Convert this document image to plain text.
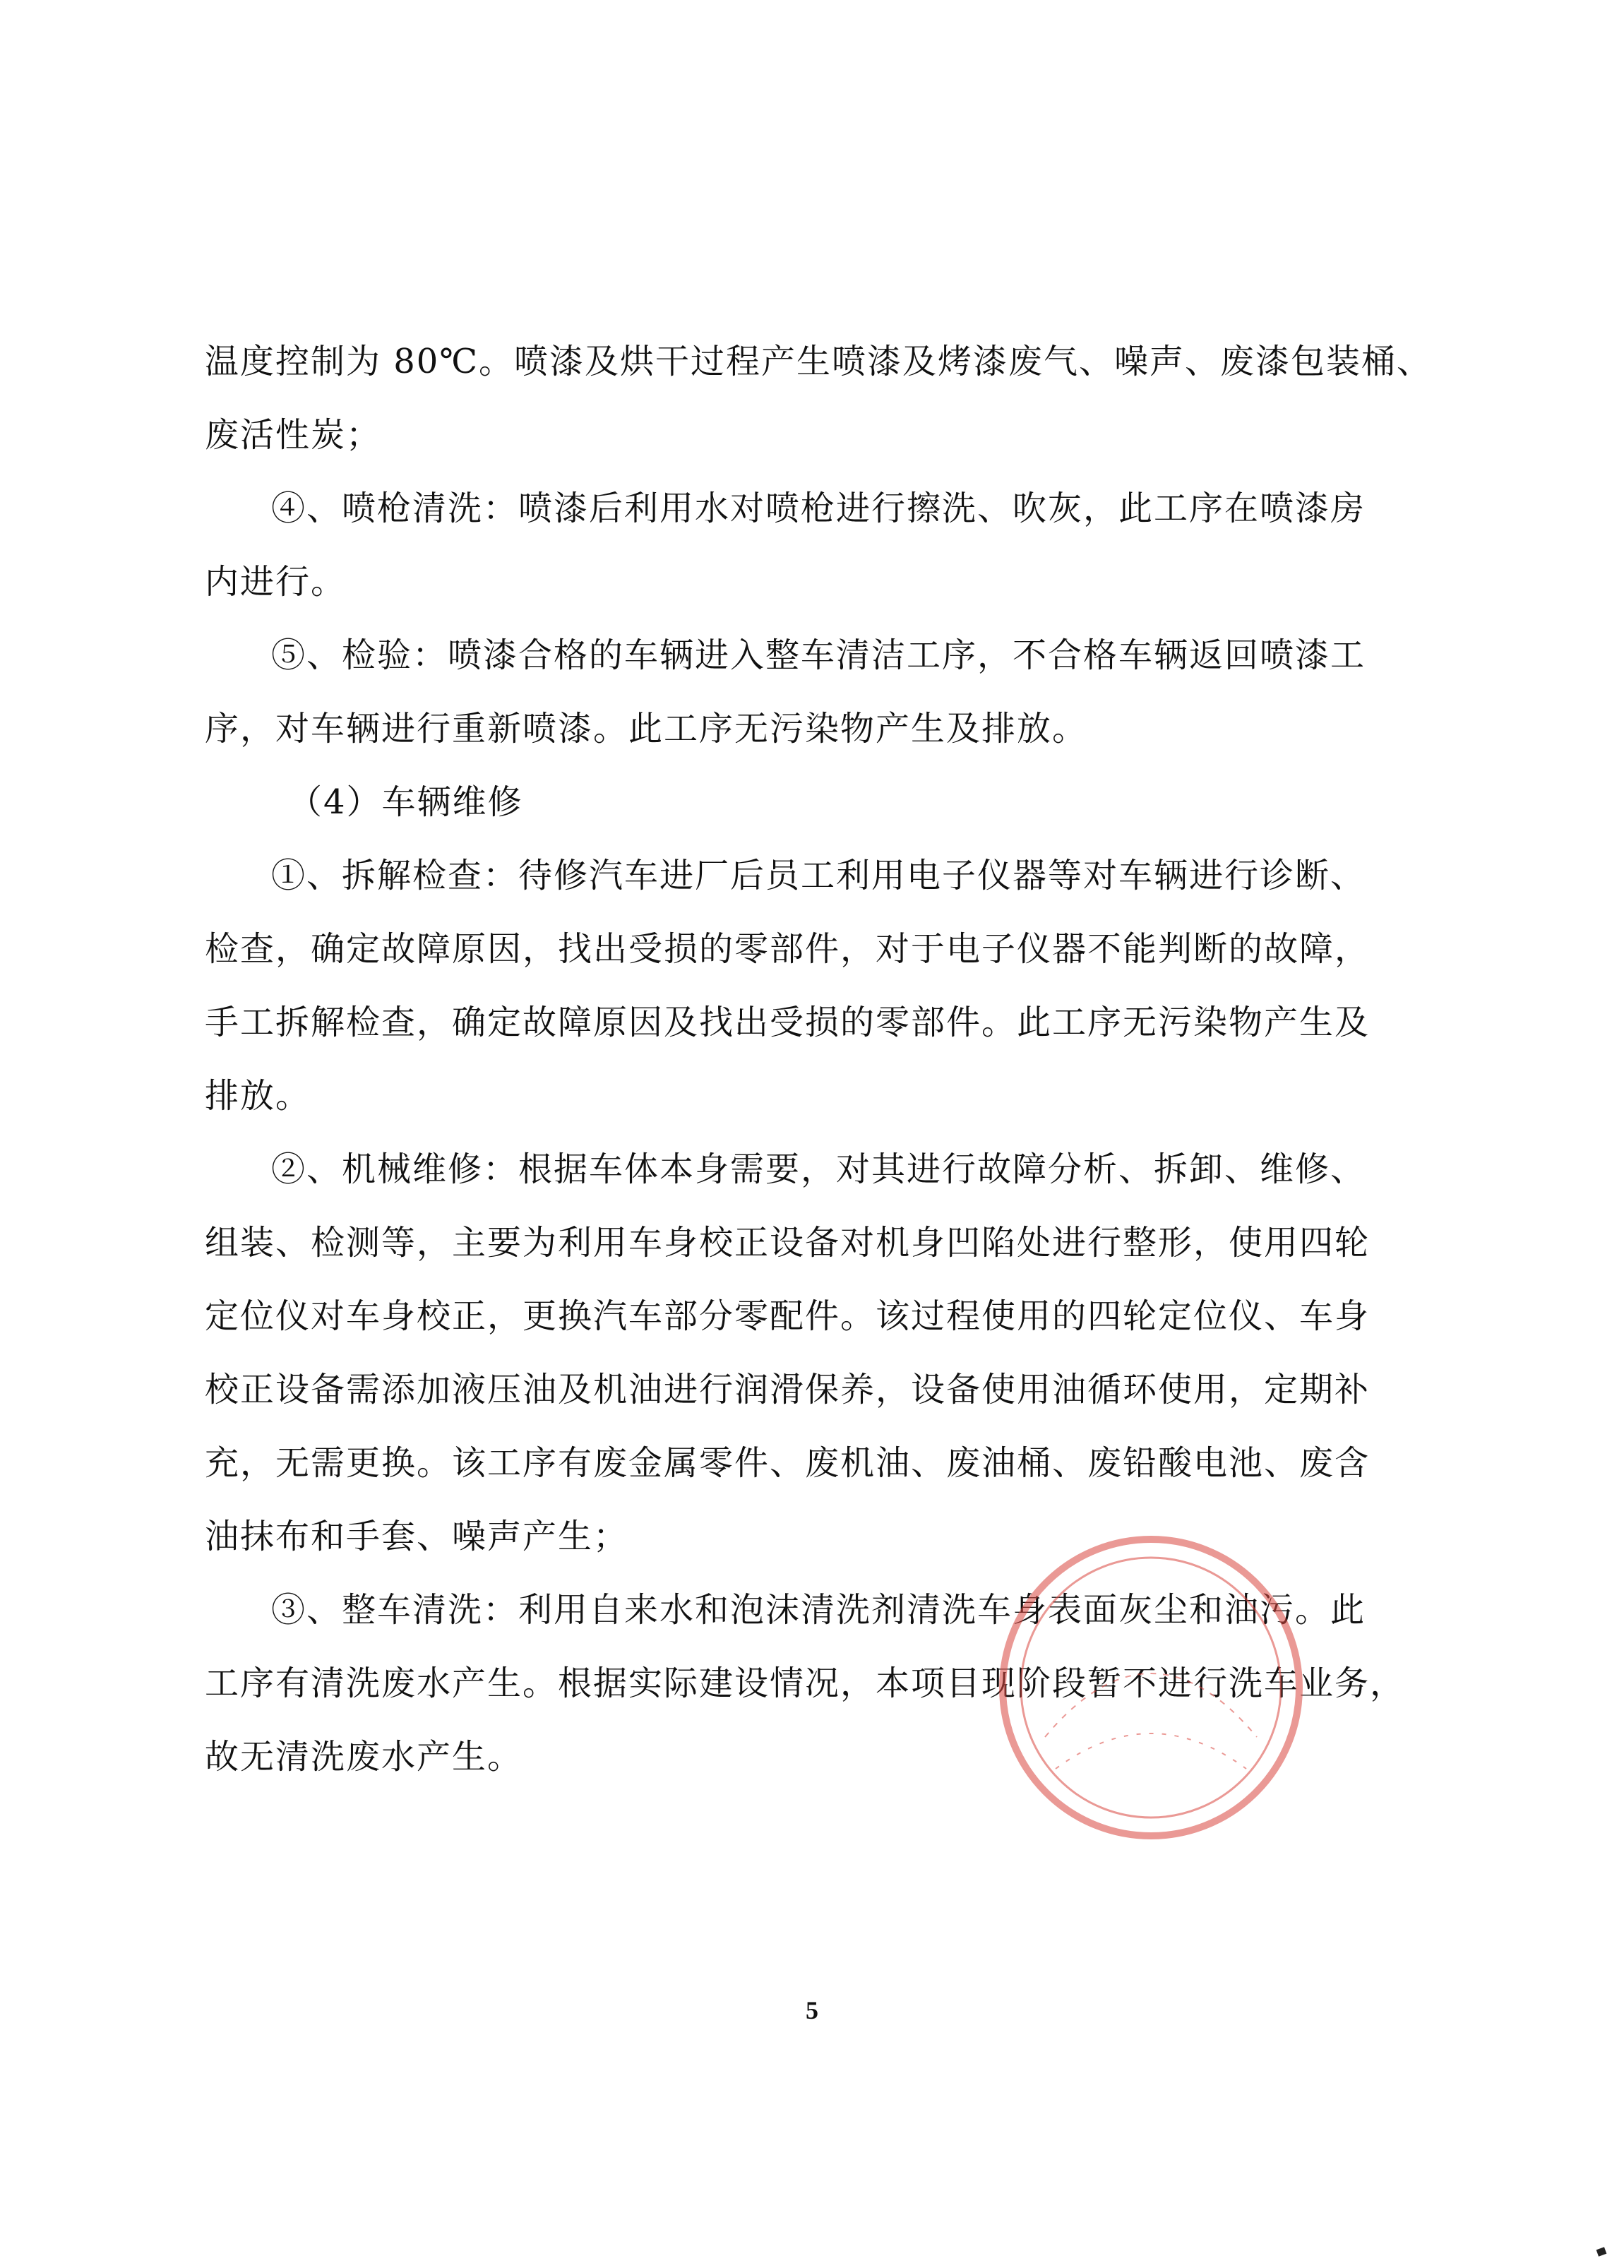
温度控制为 80℃。喷漆及烘干过程产生喷漆及烤漆废气、噪声、废漆包装桶、
废活性炭；
④、喷枪清洗：喷漆后利用水对喷枪进行擦洗、吹灰，此工序在喷漆房
内进行。
⑤、检验：喷漆合格的车辆进入整车清洁工序，不合格车辆返回喷漆工
序，对车辆进行重新喷漆。此工序无污染物产生及排放。
（4）车辆维修
①、拆解检查：待修汽车进厂后员工利用电子仪器等对车辆进行诊断、
检查，确定故障原因，找出受损的零部件，对于电子仪器不能判断的故障，
手工拆解检查，确定故障原因及找出受损的零部件。此工序无污染物产生及
排放。
②、机械维修：根据车体本身需要，对其进行故障分析、拆卸、维修、
组装、检测等，主要为利用车身校正设备对机身凹陷处进行整形，使用四轮
定位仪对车身校正，更换汽车部分零配件。该过程使用的四轮定位仪、车身
校正设备需添加液压油及机油进行润滑保养，设备使用油循环使用，定期补
充，无需更换。该工序有废金属零件、废机油、废油桶、废铅酸电池、废含
油抹布和手套、噪声产生；
③、整车清洗：利用自来水和泡沫清洗剂清洗车身表面灰尘和油污。此
工序有清洗废水产生。根据实际建设情况，本项目现阶段暂不进行洗车业务，
故无清洗废水产生。
5
